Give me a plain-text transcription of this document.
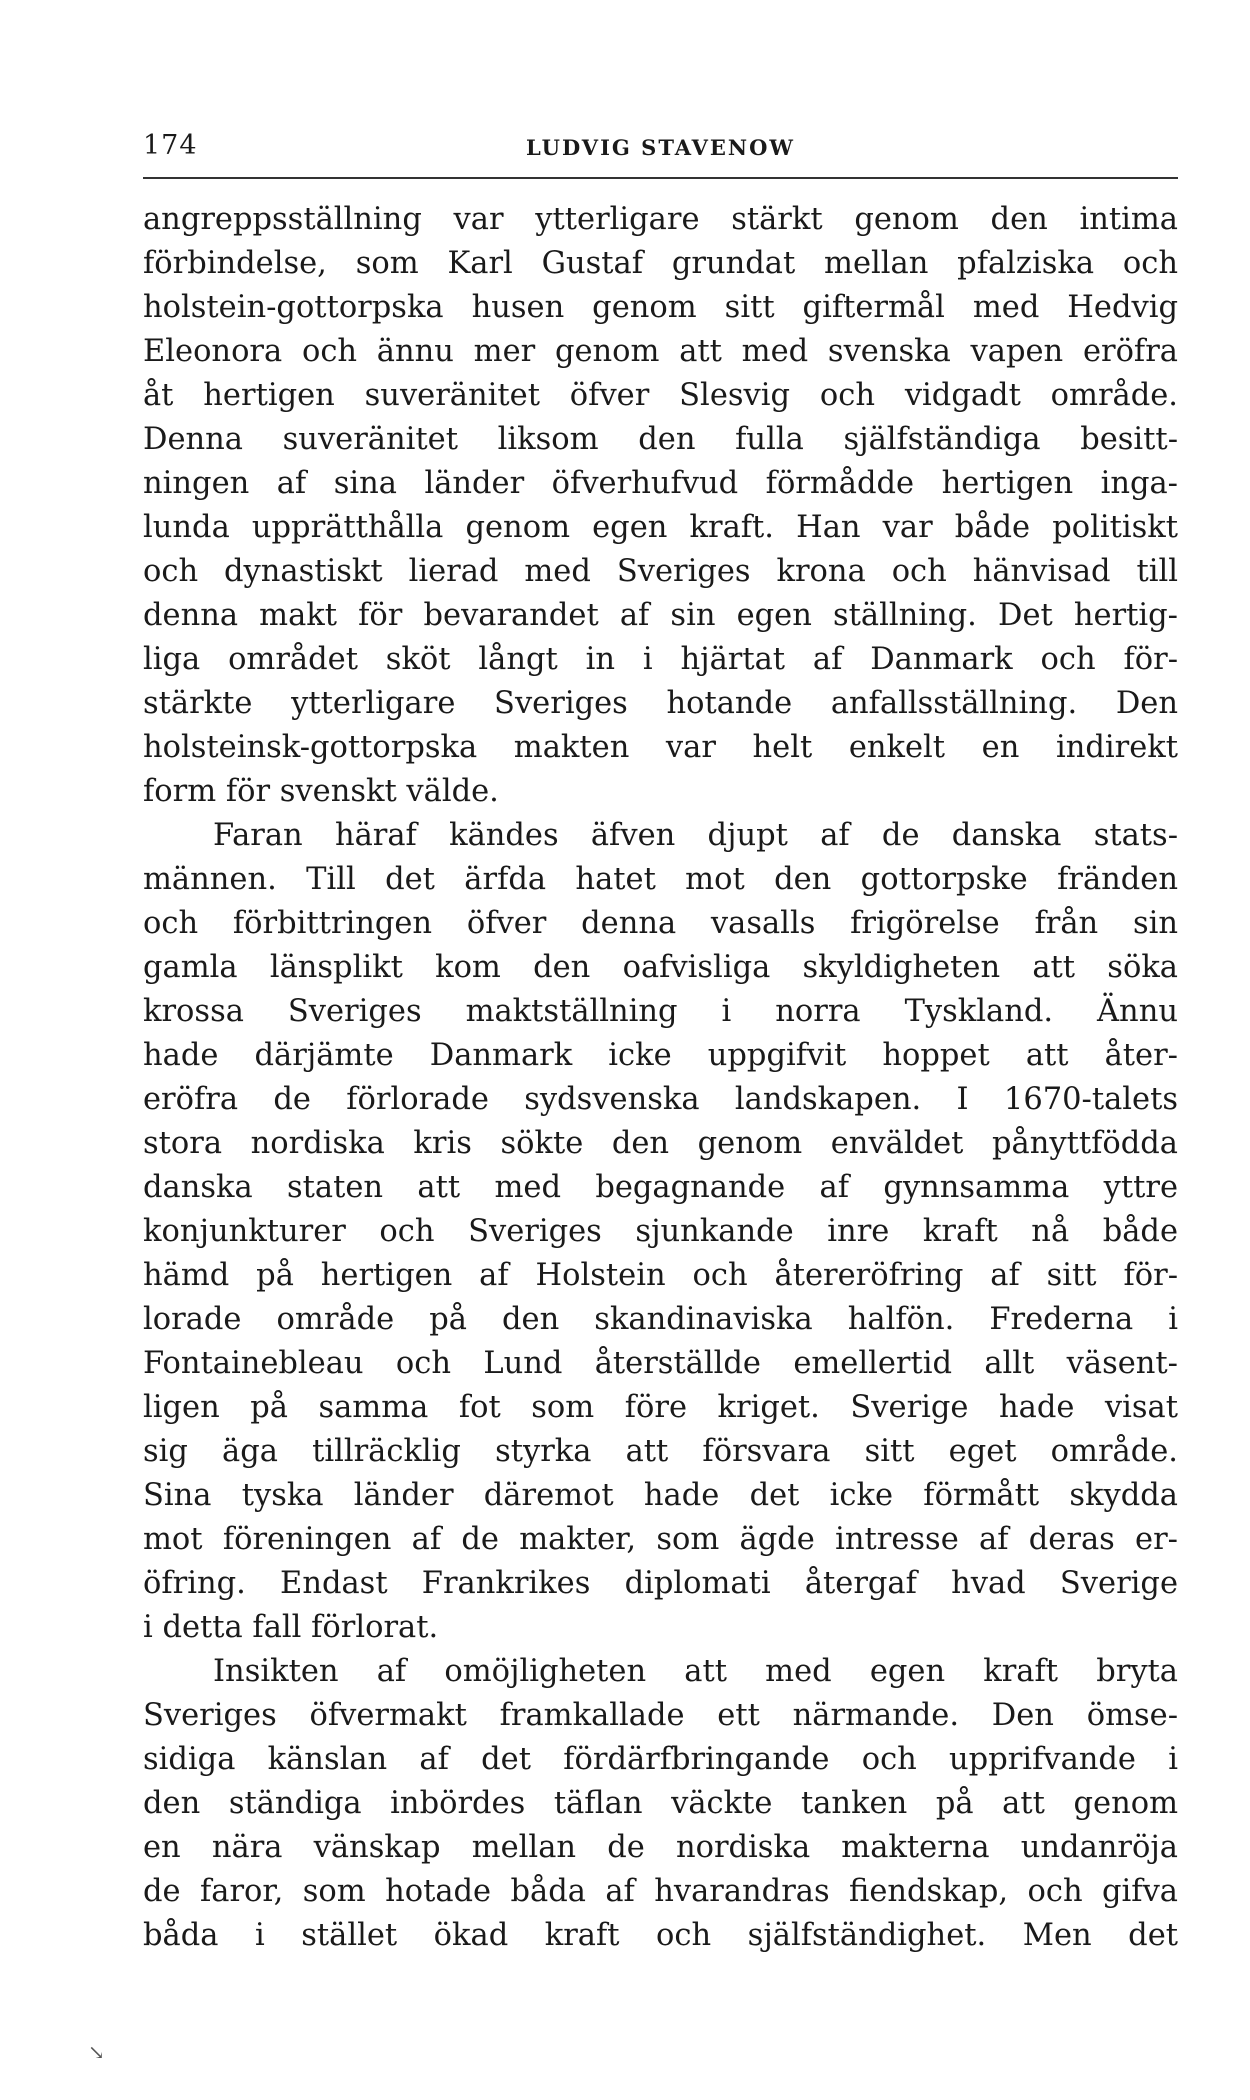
174	LUDVIG STAVENOW
angreppsställning var ytterligare stärkt genom den intima
förbindelse, som Karl Gustaf grundat mellan pfalziska och
holstein-gottorpska husen genom sitt giftermål med Hedvig
Eleonora och ännu mer genom att med svenska vapen eröfra
åt hertigen suveränitet öfver Slesvig och vidgadt område.
Denna suveränitet liksom den fulla själfständiga besitt-
ningen af sina länder öfverhufvud förmådde hertigen inga-
lunda upprätthålla genom egen kraft. Han var både politiskt
och dynastiskt lierad med Sveriges krona och hänvisad till
denna makt för bevarandet af sin egen ställning. Det hertig-
liga området sköt långt in i hjärtat af Danmark och för-
stärkte ytterligare Sveriges hotande anfallsställning. Den
holsteinsk-gottorpska makten var helt enkelt en indirekt
form för svenskt välde.
Faran häraf kändes äfven djupt af de danska stats-
männen. Till det ärfda hatet mot den gottorpske fränden
och förbittringen öfver denna vasalls frigörelse från sin
gamla länsplikt kom den oafvisliga skyldigheten att söka
krossa Sveriges maktställning i norra Tyskland. Ännu
hade därjämte Danmark icke uppgifvit hoppet att åter-
eröfra de förlorade sydsvenska landskapen. I 1670-talets
stora nordiska kris sökte den genom enväldet pånyttfödda
danska staten att med begagnande af gynnsamma yttre
konjunkturer och Sveriges sjunkande inre kraft nå både
hämd på hertigen af Holstein och återeröfring af sitt för-
lorade område på den skandinaviska halfön. Frederna i
Fontainebleau och Lund återställde emellertid allt väsent-
ligen på samma fot som före kriget. Sverige hade visat
sig äga tillräcklig styrka att försvara sitt eget område.
Sina tyska länder däremot hade det icke förmått skydda
mot föreningen af de makter, som ägde intresse af deras er-
öfring. Endast Frankrikes diplomati återgaf hvad Sverige
i detta fall förlorat.
Insikten af omöjligheten att med egen kraft bryta
Sveriges öfvermakt framkallade ett närmande. Den ömse-
sidiga känslan af det fördärfbringande och upprifvande i
den ständiga inbördes täflan väckte tanken på att genom
en nära vänskap mellan de nordiska makterna undanröja
de faror, som hotade båda af hvarandras fiendskap, och gifva
båda i stället ökad kraft och själfständighet. Men det
↘
